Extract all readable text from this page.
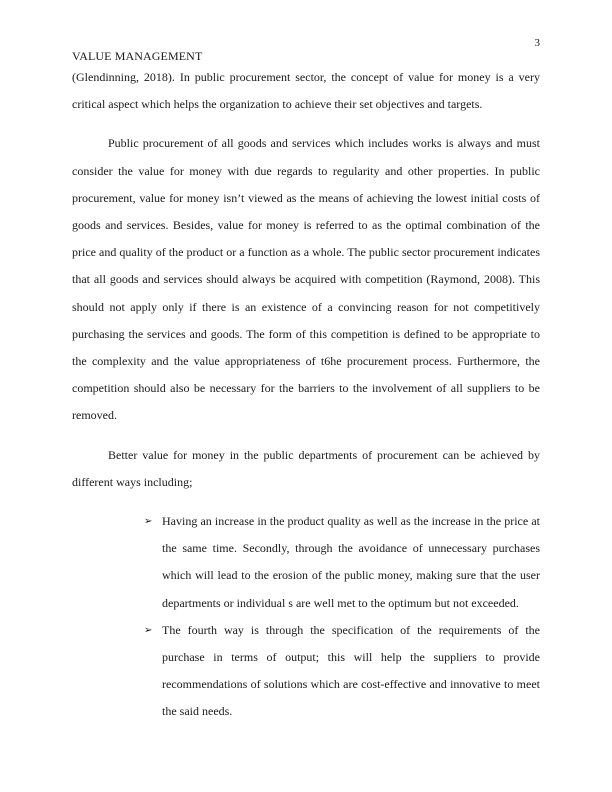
3
VALUE MANAGEMENT

(Glendinning, 2018). In public procurement sector, the concept of value for money is a very critical aspect which helps the organization to achieve their set objectives and targets.

Public procurement of all goods and services which includes works is always and must consider the value for money with due regards to regularity and other properties. In public procurement, value for money isn’t viewed as the means of achieving the lowest initial costs of goods and services. Besides, value for money is referred to as the optimal combination of the price and quality of the product or a function as a whole. The public sector procurement indicates that all goods and services should always be acquired with competition (Raymond, 2008). This should not apply only if there is an existence of a convincing reason for not competitively purchasing the services and goods. The form of this competition is defined to be appropriate to the complexity and the value appropriateness of t6he procurement process. Furthermore, the competition should also be necessary for the barriers to the involvement of all suppliers to be removed.

Better value for money in the public departments of procurement can be achieved by different ways including;

➢ Having an increase in the product quality as well as the increase in the price at the same time. Secondly, through the avoidance of unnecessary purchases which will lead to the erosion of the public money, making sure that the user departments or individual s are well met to the optimum but not exceeded.
➢ The fourth way is through the specification of the requirements of the purchase in terms of output; this will help the suppliers to provide recommendations of solutions which are cost-effective and innovative to meet the said needs.
